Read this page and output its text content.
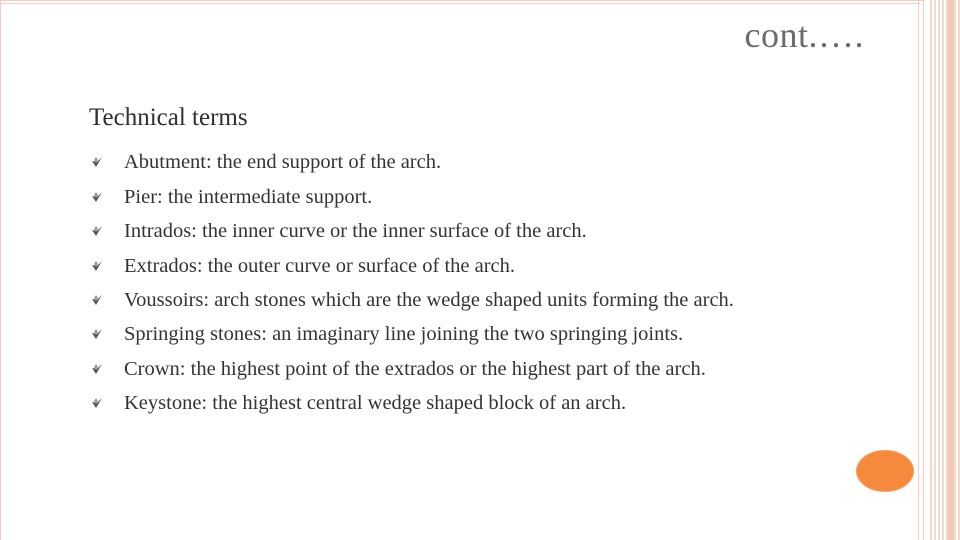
cont.….
Technical terms
Abutment: the end support of the arch.
Pier: the intermediate support.
Intrados: the inner curve or the inner surface of the arch.
Extrados: the outer curve or surface of the arch.
Voussoirs: arch stones which are the wedge shaped units forming the arch.
Springing stones: an imaginary line joining the two springing joints.
Crown: the highest point of the extrados or the highest part of the arch.
Keystone: the highest central wedge shaped block of an arch.
